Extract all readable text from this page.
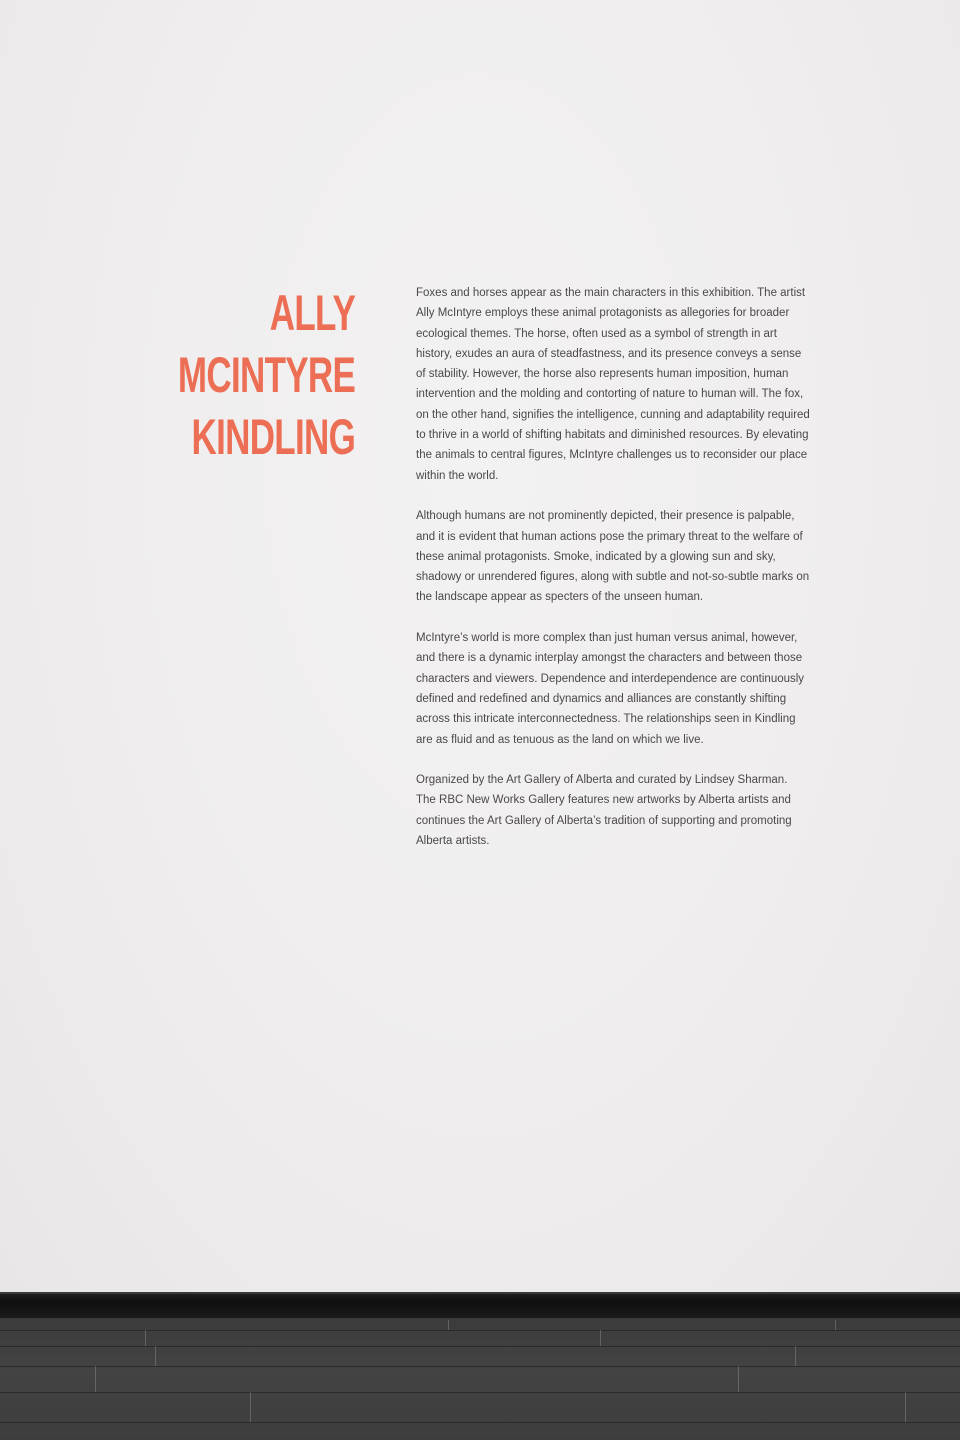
ALLY
MCINTYRE
KINDLING

Foxes and horses appear as the main characters in this exhibition. The artist
Ally McIntyre employs these animal protagonists as allegories for broader
ecological themes. The horse, often used as a symbol of strength in art
history, exudes an aura of steadfastness, and its presence conveys a sense
of stability. However, the horse also represents human imposition, human
intervention and the molding and contorting of nature to human will. The fox,
on the other hand, signifies the intelligence, cunning and adaptability required
to thrive in a world of shifting habitats and diminished resources. By elevating
the animals to central figures, McIntyre challenges us to reconsider our place
within the world.

Although humans are not prominently depicted, their presence is palpable,
and it is evident that human actions pose the primary threat to the welfare of
these animal protagonists. Smoke, indicated by a glowing sun and sky,
shadowy or unrendered figures, along with subtle and not-so-subtle marks on
the landscape appear as specters of the unseen human.

McIntyre’s world is more complex than just human versus animal, however,
and there is a dynamic interplay amongst the characters and between those
characters and viewers. Dependence and interdependence are continuously
defined and redefined and dynamics and alliances are constantly shifting
across this intricate interconnectedness. The relationships seen in Kindling
are as fluid and as tenuous as the land on which we live.

Organized by the Art Gallery of Alberta and curated by Lindsey Sharman.
The RBC New Works Gallery features new artworks by Alberta artists and
continues the Art Gallery of Alberta’s tradition of supporting and promoting
Alberta artists.
